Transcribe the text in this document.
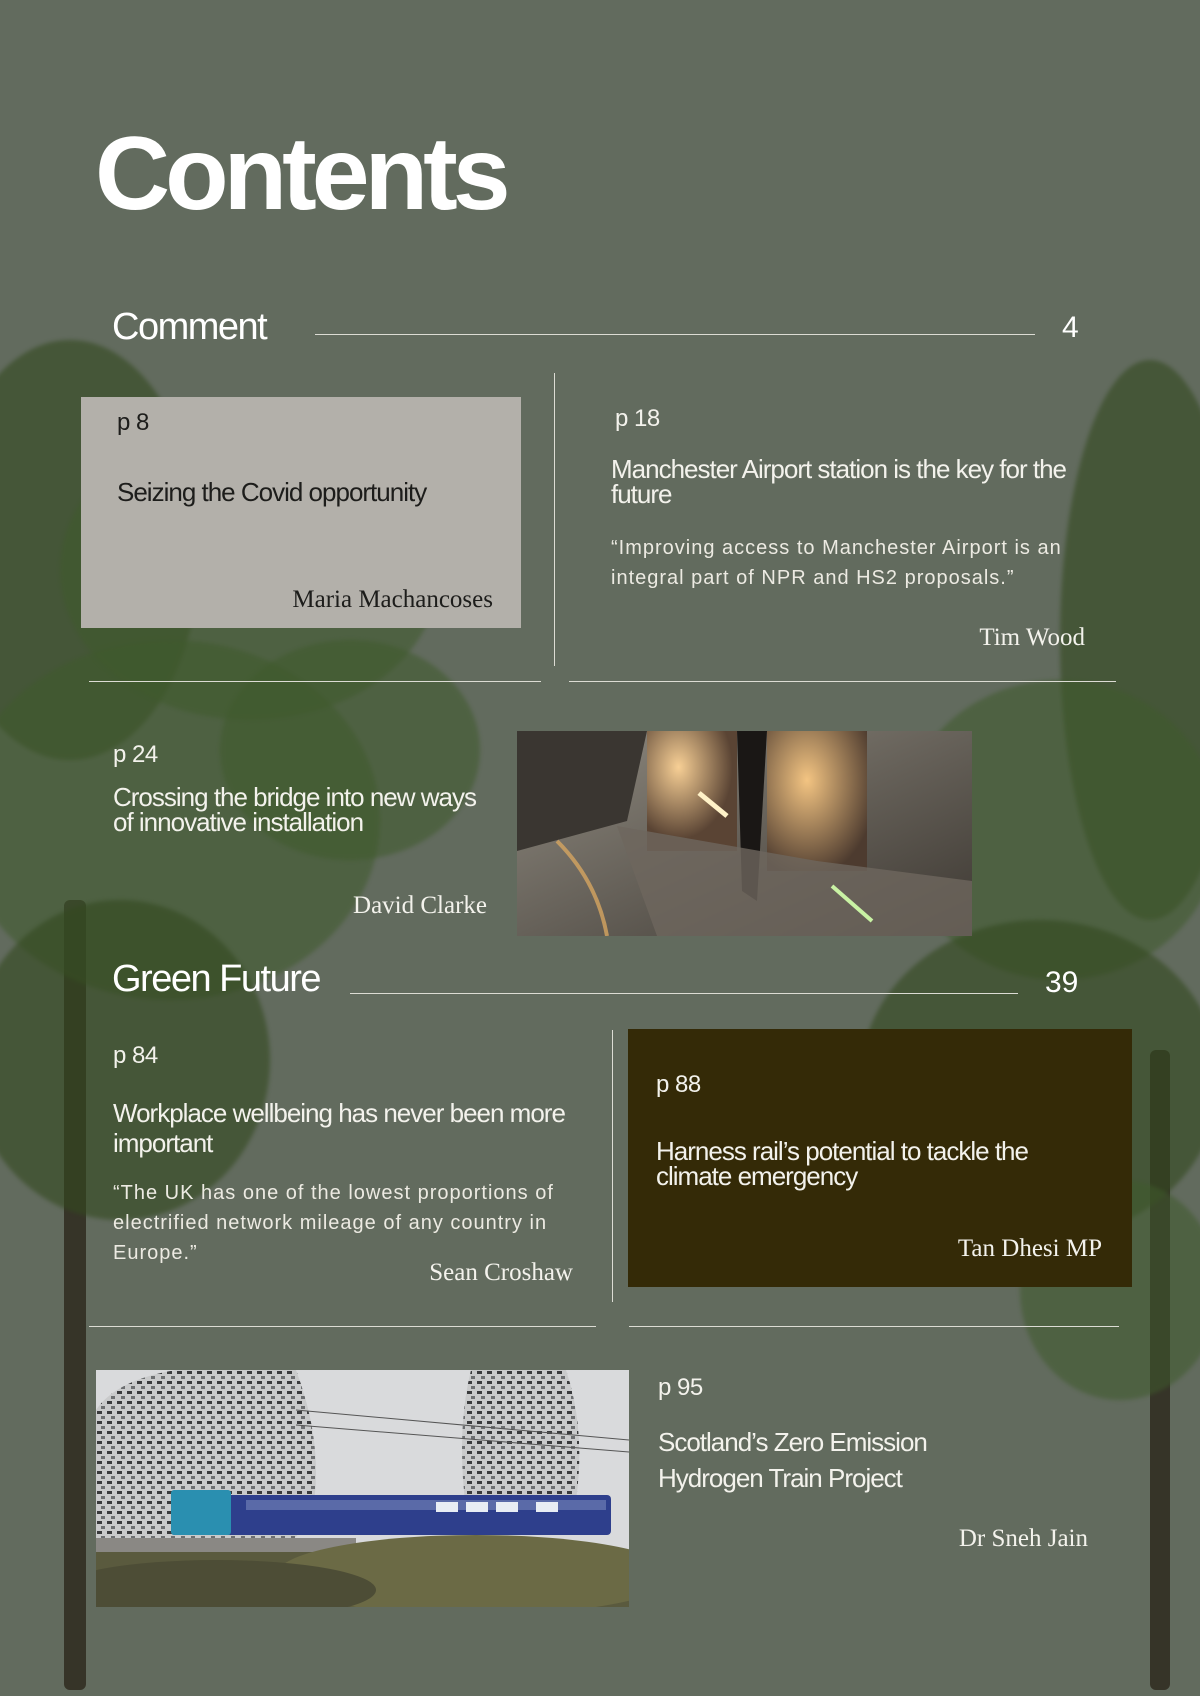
Contents
Comment	4
p 8
Seizing the Covid opportunity
Maria Machancoses
p 18
Manchester Airport station is the key for the future
“Improving access to Manchester Airport is an integral part of NPR and HS2 proposals.”
Tim Wood
p 24
Crossing the bridge into new ways of innovative installation
David Clarke
Green Future	39
p 84
Workplace wellbeing has never been more important
“The UK has one of the lowest proportions of electrified network mileage of any country in Europe.”
Sean Croshaw
p 88
Harness rail’s potential to tackle the climate emergency
Tan Dhesi MP
p 95
Scotland’s Zero Emission Hydrogen Train Project
Dr Sneh Jain
